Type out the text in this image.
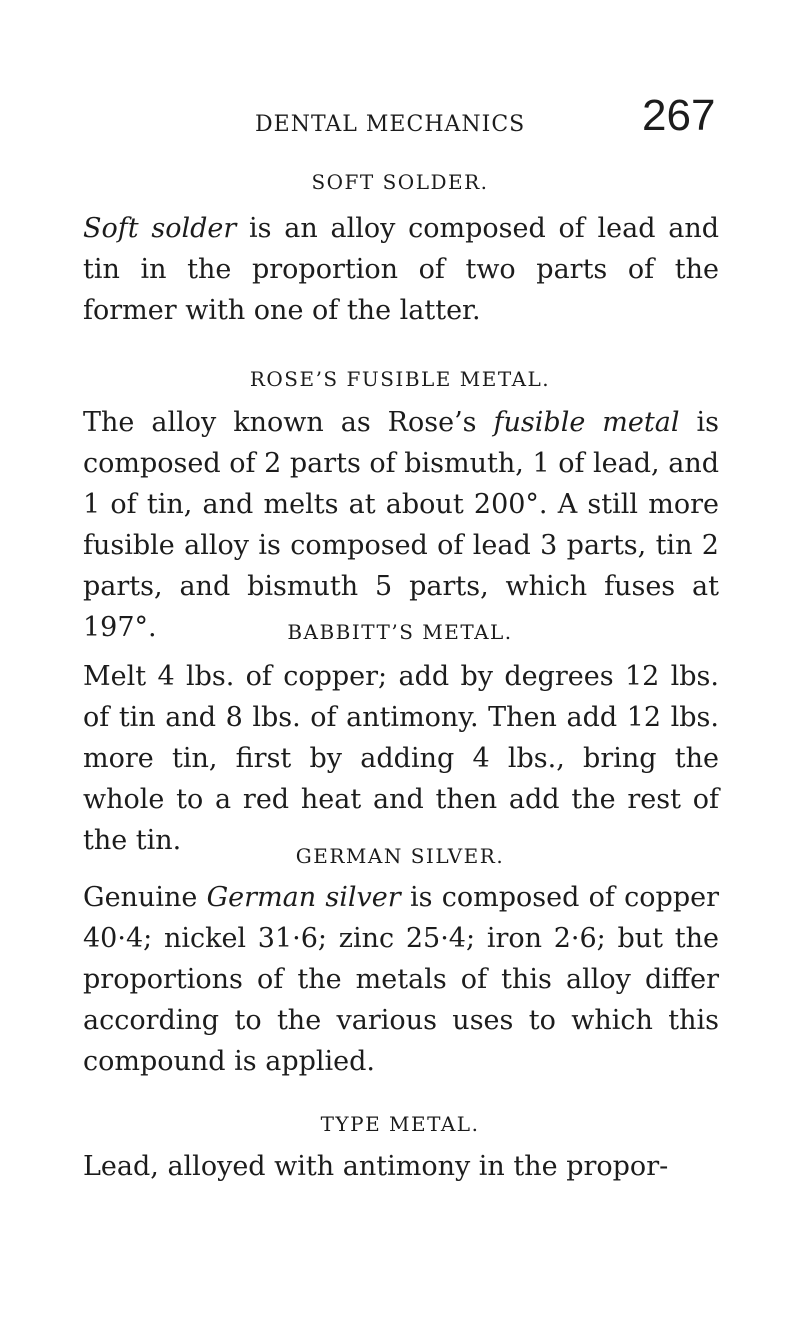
DENTAL MECHANICS	267
SOFT SOLDER.

Soft solder is an alloy composed of lead and tin in the proportion of two parts of the former with one of the latter.

ROSE’S FUSIBLE METAL.

The alloy known as Rose’s fusible metal is composed of 2 parts of bismuth, 1 of lead, and 1 of tin, and melts at about 200°. A still more fusible alloy is composed of lead 3 parts, tin 2 parts, and bismuth 5 parts, which fuses at 197°.	BABBITT’S METAL.

Melt 4 lbs. of copper; add by degrees 12 lbs. of tin and 8 lbs. of antimony. Then add 12 lbs. more tin, first by adding 4 lbs., bring the whole to a red heat and then add the rest of the tin.	GERMAN SILVER.

Genuine German silver is composed of copper 40·4; nickel 31·6; zinc 25·4; iron 2·6; but the proportions of the metals of this alloy differ according to the various uses to which this compound is applied.

TYPE METAL.

Lead, alloyed with antimony in the propor-
